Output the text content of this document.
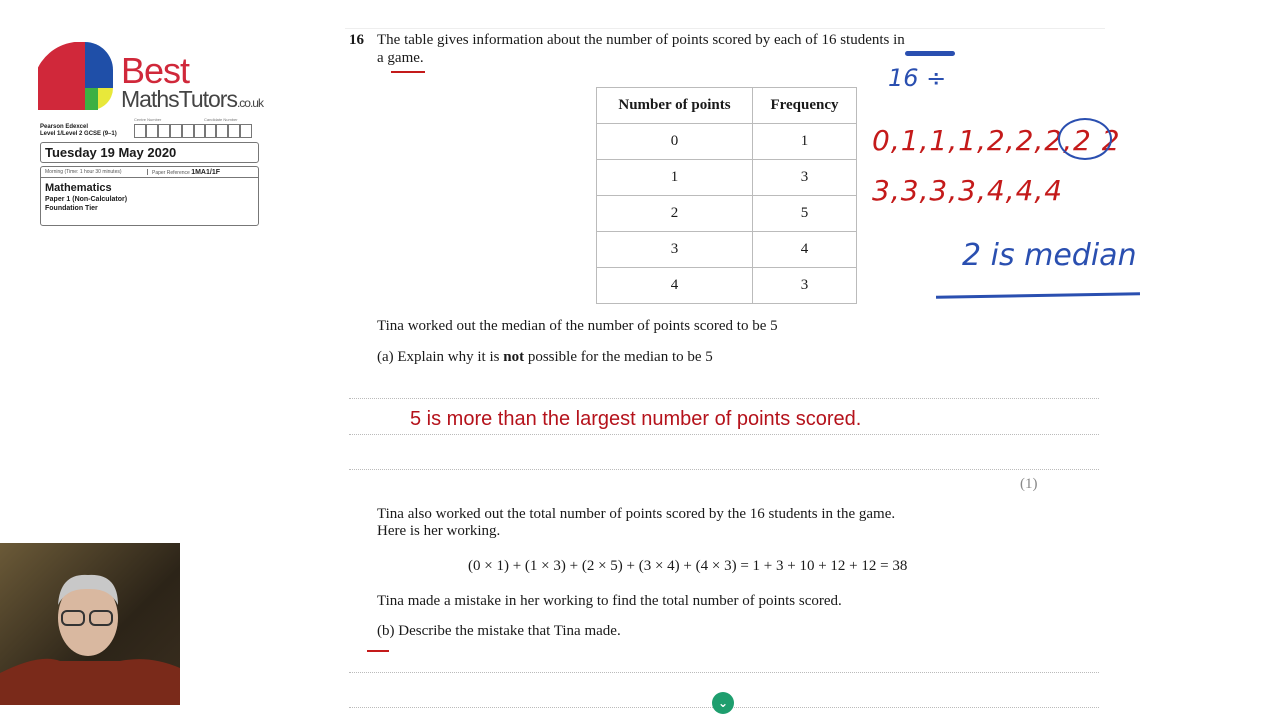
Best
MathsTutors.co.uk
Pearson Edexcel
Level 1/Level 2 GCSE (9–1)
Centre Number	Candidate Number
Tuesday 19 May 2020
Morning (Time: 1 hour 30 minutes)	Paper Reference 1MA1/1F
Mathematics
Paper 1 (Non-Calculator)
Foundation Tier
16 The table gives information about the number of points scored by each of 16 students in
a game.
Number of points	Frequency
0	1
1	3
2	5
3	4
4	3
16 ÷
0,1,1,1,2,2,2,2 2
3,3,3,3,4,4,4
2 is median
Tina worked out the median of the number of points scored to be 5
(a) Explain why it is not possible for the median to be 5
5 is more than the largest number of points scored.
(1)
Tina also worked out the total number of points scored by the 16 students in the game.
Here is her working.
(0 × 1) + (1 × 3) + (2 × 5) + (3 × 4) + (4 × 3) = 1 + 3 + 10 + 12 + 12 = 38
Tina made a mistake in her working to find the total number of points scored.
(b) Describe the mistake that Tina made.
⌄
